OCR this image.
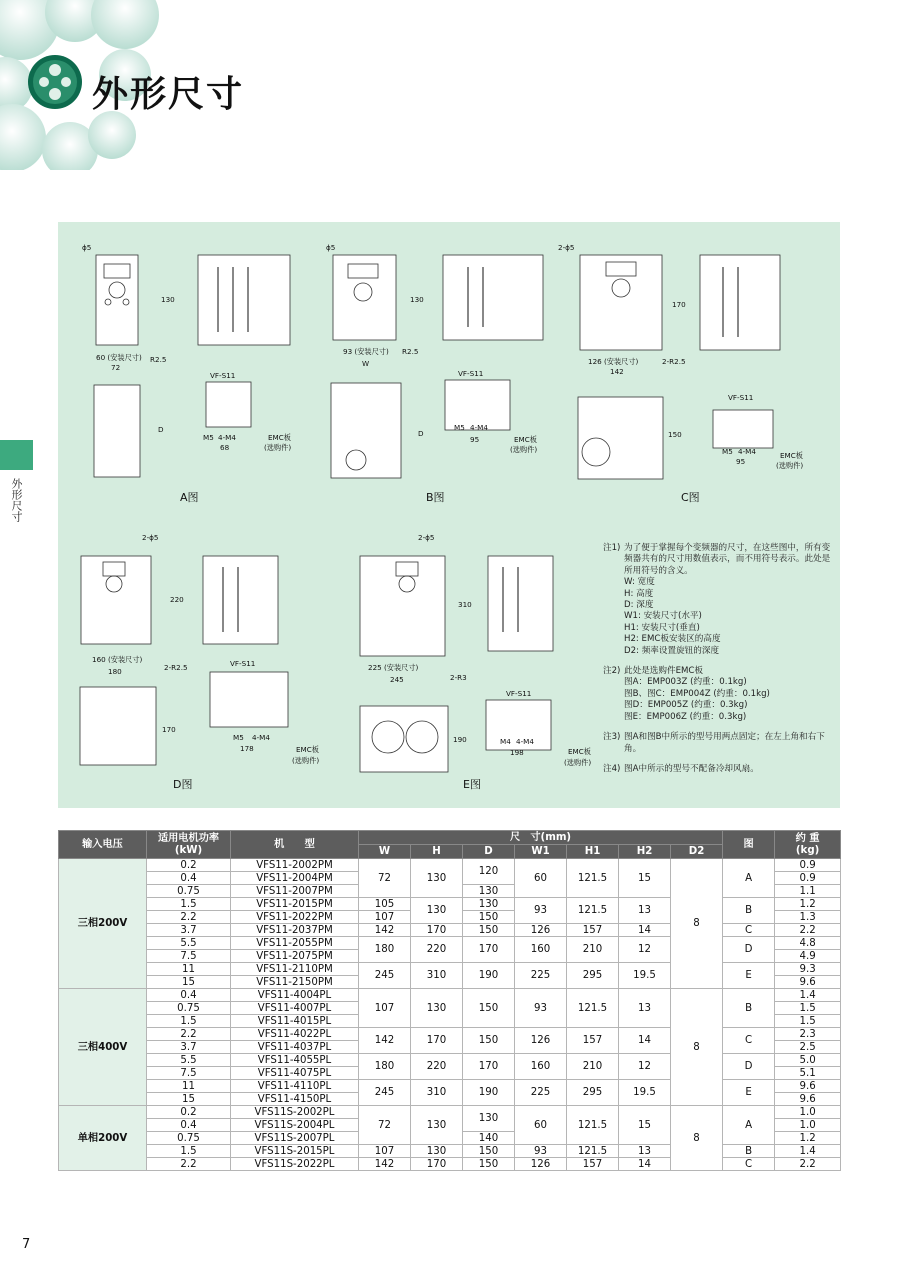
外形尺寸
外形尺寸
ϕ5
130
60 (安装尺寸) R2.5
72
D
M5 4-M4
68
EMC板
(选购件)
VF-S11
ϕ5
130
93 (安装尺寸) R2.5
W
D
M5 4-M4
95	EMC板
(选购件)
VF-S11
2-ϕ5
170
126 (安装尺寸)	2-R2.5
142
150
M5 4-M4
95
EMC板
(选购件)
VF-S11
2-ϕ5
220
160 (安装尺寸)
2-R2.5
180
170
M5 4-M4
178	EMC板
(选购件)
VF-S11
2-ϕ5
310
225 (安装尺寸)
2-R3
245
190	M4 4-M4
198	EMC板
(选购件)
VF-S11
A图	B图	C图
D图	E图
注1) 为了便于掌握每个变频器的尺寸，在这些图中，所有变频器共有的尺寸用数值表示，而不用符号表示。此处是所用符号的含义。
W: 宽度
H: 高度
D: 深度
W1: 安装尺寸(水平)
H1: 安装尺寸(垂直)
H2: EMC板安装区的高度
D2: 频率设置旋钮的深度
注2) 此处是选购件EMC板
图A：EMP003Z (约重：0.1kg)
图B、图C：EMP004Z (约重：0.1kg)
图D：EMP005Z (约重：0.3kg)
图E：EMP006Z (约重：0.3kg)
注3) 图A和图B中所示的型号用两点固定；在左上角和右下角。
注4) 图A中所示的型号不配备冷却风扇。
输入电压	适用电机功率
(kW)	机　　型	尺　寸(mm)							图	约 重
(kg)
			W	H	D	W1	H1	H2	D2		
三相200V	0.2	VFS11-2002PM	72	130	120	60	121.5	15	8	A	0.9
	0.4	VFS11-2004PM									0.9
	0.75	VFS11-2007PM			130						1.1
	1.5	VFS11-2015PM	105	130	130	93	121.5	13		B	1.2
	2.2	VFS11-2022PM	107		150						1.3
	3.7	VFS11-2037PM	142	170	150	126	157	14		C	2.2
	5.5	VFS11-2055PM	180	220	170	160	210	12		D	4.8
	7.5	VFS11-2075PM									4.9
	11	VFS11-2110PM	245	310	190	225	295	19.5		E	9.3
	15	VFS11-2150PM									9.6
三相400V	0.4	VFS11-4004PL	107	130	150	93	121.5	13	8	B	1.4
	0.75	VFS11-4007PL									1.5
	1.5	VFS11-4015PL									1.5
	2.2	VFS11-4022PL	142	170	150	126	157	14		C	2.3
	3.7	VFS11-4037PL									2.5
	5.5	VFS11-4055PL	180	220	170	160	210	12		D	5.0
	7.5	VFS11-4075PL									5.1
	11	VFS11-4110PL	245	310	190	225	295	19.5		E	9.6
	15	VFS11-4150PL									9.6
单相200V	0.2	VFS11S-2002PL	72	130	130	60	121.5	15	8	A	1.0
	0.4	VFS11S-2004PL									1.0
	0.75	VFS11S-2007PL			140						1.2
	1.5	VFS11S-2015PL	107	130	150	93	121.5	13		B	1.4
	2.2	VFS11S-2022PL	142	170	150	126	157	14		C	2.2
7
